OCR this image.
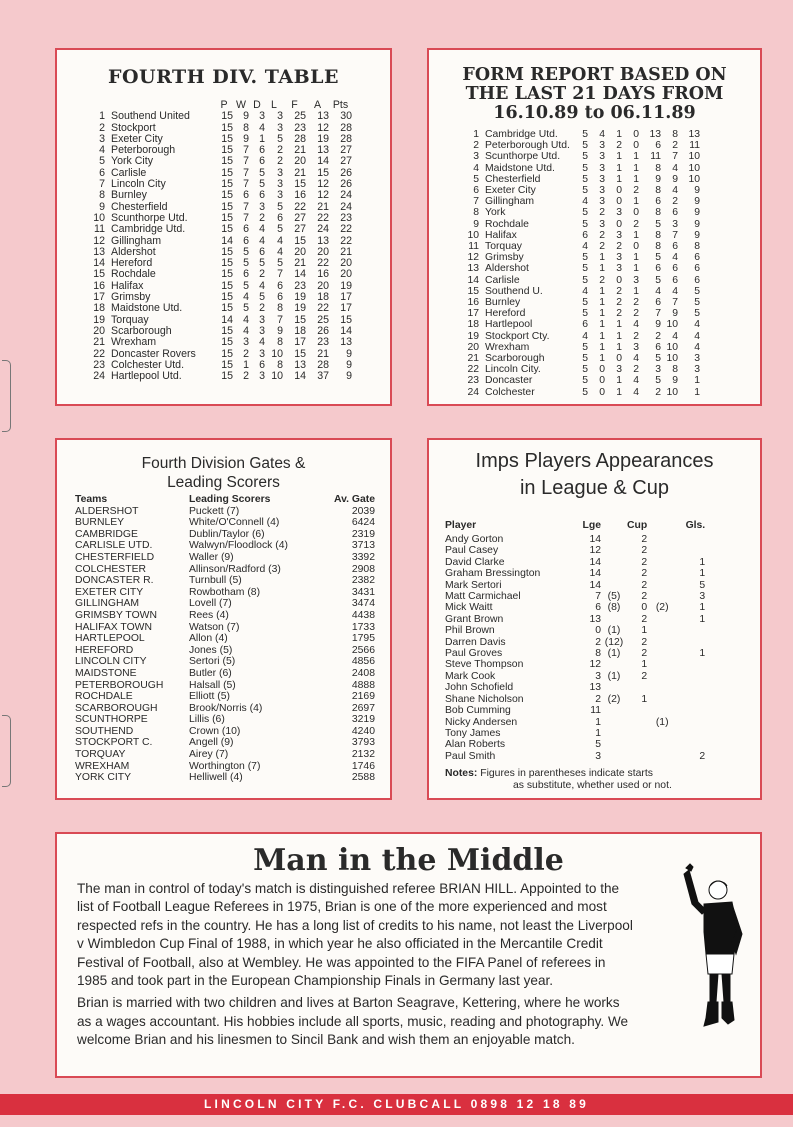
FOURTH DIV. TABLE
		P	W	D	L	F	A	Pts
1	Southend United	15	9	3	3	25	13	30
2	Stockport	15	8	4	3	23	12	28
3	Exeter City	15	9	1	5	28	19	28
4	Peterborough	15	7	6	2	21	13	27
5	York City	15	7	6	2	20	14	27
6	Carlisle	15	7	5	3	21	15	26
7	Lincoln City	15	7	5	3	15	12	26
8	Burnley	15	6	6	3	16	12	24
9	Chesterfield	15	7	3	5	22	21	24
10	Scunthorpe Utd.	15	7	2	6	27	22	23
11	Cambridge Utd.	15	6	4	5	27	24	22
12	Gillingham	14	6	4	4	15	13	22
13	Aldershot	15	5	6	4	20	20	21
14	Hereford	15	5	5	5	21	22	20
15	Rochdale	15	6	2	7	14	16	20
16	Halifax	15	5	4	6	23	20	19
17	Grimsby	15	4	5	6	19	18	17
18	Maidstone Utd.	15	5	2	8	19	22	17
19	Torquay	14	4	3	7	15	25	15
20	Scarborough	15	4	3	9	18	26	14
21	Wrexham	15	3	4	8	17	23	13
22	Doncaster Rovers	15	2	3	10	15	21	9
23	Colchester Utd.	15	1	6	8	13	28	9
24	Hartlepool Utd.	15	2	3	10	14	37	9
FORM REPORT BASED ON
THE LAST 21 DAYS FROM
16.10.89 to 06.11.89
1	Cambridge Utd.	5	4	1	0	13	8	13
2	Peterborough Utd.	5	3	2	0	6	2	11
3	Scunthorpe Utd.	5	3	1	1	11	7	10
4	Maidstone Utd.	5	3	1	1	8	4	10
5	Chesterfield	5	3	1	1	9	9	10
6	Exeter City	5	3	0	2	8	4	9
7	Gillingham	4	3	0	1	6	2	9
8	York	5	2	3	0	8	6	9
9	Rochdale	5	3	0	2	5	3	9
10	Halifax	6	2	3	1	8	7	9
11	Torquay	4	2	2	0	8	6	8
12	Grimsby	5	1	3	1	5	4	6
13	Aldershot	5	1	3	1	6	6	6
14	Carlisle	5	2	0	3	5	6	6
15	Southend U.	4	1	2	1	4	4	5
16	Burnley	5	1	2	2	6	7	5
17	Hereford	5	1	2	2	7	9	5
18	Hartlepool	6	1	1	4	9	10	4
19	Stockport Cty.	4	1	1	2	2	4	4
20	Wrexham	5	1	1	3	6	10	4
21	Scarborough	5	1	0	4	5	10	3
22	Lincoln City.	5	0	3	2	3	8	3
23	Doncaster	5	0	1	4	5	9	1
24	Colchester	5	0	1	4	2	10	1
Fourth Division Gates &
Leading Scorers
Teams	Leading Scorers	Av. Gate
ALDERSHOT	Puckett (7)	2039
BURNLEY	White/O'Connell (4)	6424
CAMBRIDGE	Dublin/Taylor (6)	2319
CARLISLE UTD.	Walwyn/Floodlock (4)	3713
CHESTERFIELD	Waller (9)	3392
COLCHESTER	Allinson/Radford (3)	2908
DONCASTER R.	Turnbull (5)	2382
EXETER CITY	Rowbotham (8)	3431
GILLINGHAM	Lovell (7)	3474
GRIMSBY TOWN	Rees (4)	4438
HALIFAX TOWN	Watson (7)	1733
HARTLEPOOL	Allon (4)	1795
HEREFORD	Jones (5)	2566
LINCOLN CITY	Sertori (5)	4856
MAIDSTONE	Butler (6)	2408
PETERBOROUGH	Halsall (5)	4888
ROCHDALE	Elliott (5)	2169
SCARBOROUGH	Brook/Norris (4)	2697
SCUNTHORPE	Lillis (6)	3219
SOUTHEND	Crown (10)	4240
STOCKPORT C.	Angell (9)	3793
TORQUAY	Airey (7)	2132
WREXHAM	Worthington (7)	1746
YORK CITY	Helliwell (4)	2588
Imps Players Appearances
in League & Cup
Player	Lge		Cup		Gls.
Andy Gorton	14		2		
Paul Casey	12		2		
David Clarke	14		2		1
Graham Bressington	14		2		1
Mark Sertori	14		2		5
Matt Carmichael	7	(5)	2		3
Mick Waitt	6	(8)	0	(2)	1
Grant Brown	13		2		1
Phil Brown	0	(1)	1		
Darren Davis	2	(12)	2		
Paul Groves	8	(1)	2		1
Steve Thompson	12		1		
Mark Cook	3	(1)	2		
John Schofield	13				
Shane Nicholson	2	(2)	1		
Bob Cumming	11				
Nicky Andersen	1			(1)	
Tony James	1				
Alan Roberts	5				
Paul Smith	3				2
Notes: Figures in parentheses indicate starts
as substitute, whether used or not.
Man in the Middle

The man in control of today's match is distinguished referee BRIAN HILL. Appointed to the list of Football League Referees in 1975, Brian is one of the more experienced and most respected refs in the country. He has a long list of credits to his name, not least the Liverpool v Wimbledon Cup Final of 1988, in which year he also officiated in the Mercantile Credit Festival of Football, also at Wembley. He was appointed to the FIFA Panel of referees in 1985 and took part in the European Championship Finals in Germany last year.

Brian is married with two children and lives at Barton Seagrave, Kettering, where he works as a wages accountant. His hobbies include all sports, music, reading and photography. We welcome Brian and his linesmen to Sincil Bank and wish them an enjoyable match.

LINCOLN CITY F.C. CLUBCALL 0898 12 18 89
